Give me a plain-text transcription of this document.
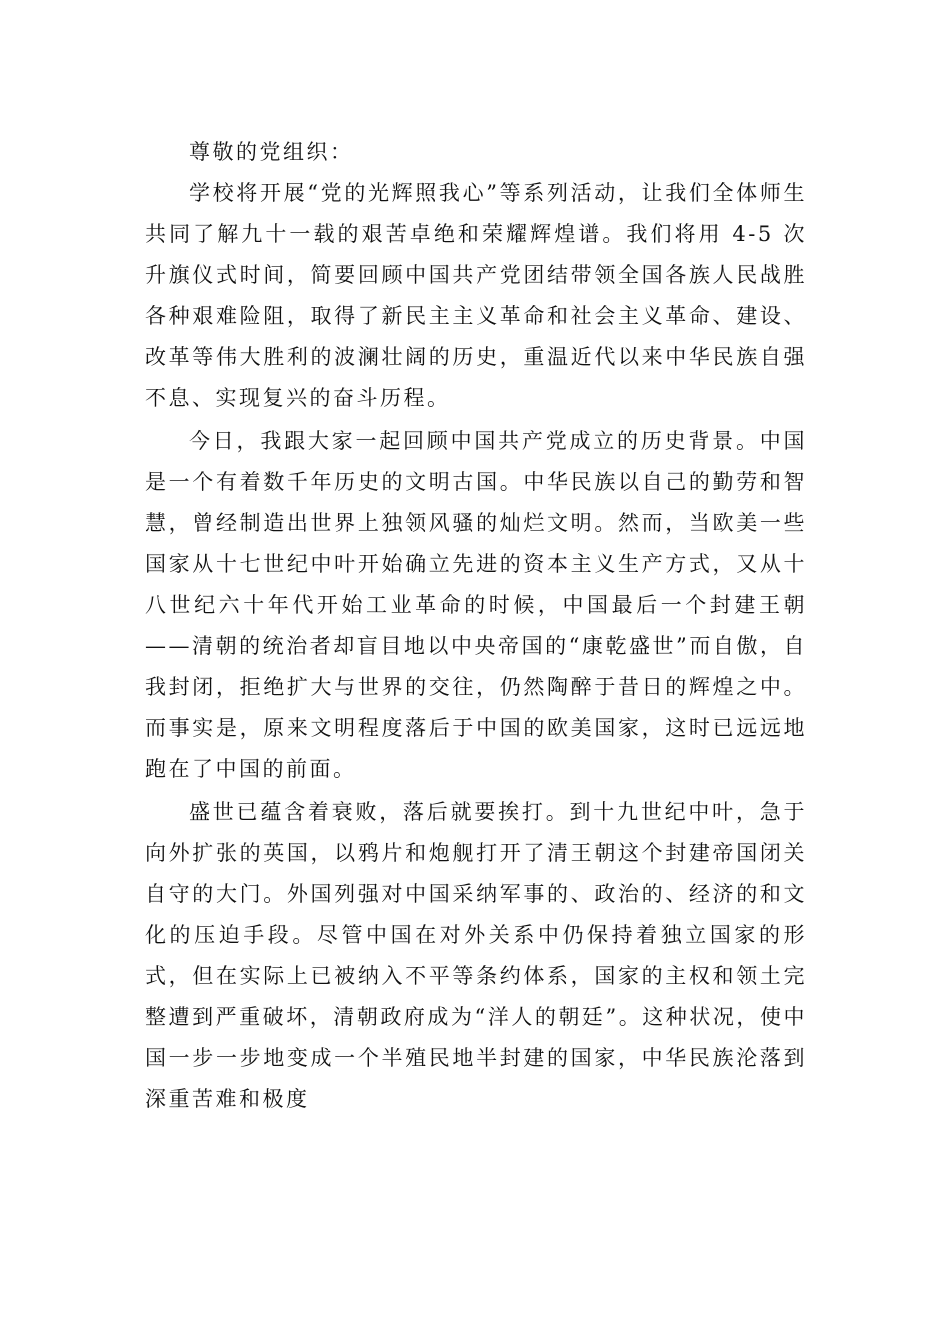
尊敬的党组织：

学校将开展“党的光辉照我心”等系列活动，让我们全体师生共同了解九十一载的艰苦卓绝和荣耀辉煌谱。我们将用 4-5 次升旗仪式时间，简要回顾中国共产党团结带领全国各族人民战胜各种艰难险阻，取得了新民主主义革命和社会主义革命、建设、改革等伟大胜利的波澜壮阔的历史，重温近代以来中华民族自强不息、实现复兴的奋斗历程。

今日，我跟大家一起回顾中国共产党成立的历史背景。中国是一个有着数千年历史的文明古国。中华民族以自己的勤劳和智慧，曾经制造出世界上独领风骚的灿烂文明。然而，当欧美一些国家从十七世纪中叶开始确立先进的资本主义生产方式，又从十八世纪六十年代开始工业革命的时候，中国最后一个封建王朝——清朝的统治者却盲目地以中央帝国的“康乾盛世”而自傲，自我封闭，拒绝扩大与世界的交往，仍然陶醉于昔日的辉煌之中。而事实是，原来文明程度落后于中国的欧美国家，这时已远远地跑在了中国的前面。

盛世已蕴含着衰败，落后就要挨打。到十九世纪中叶，急于向外扩张的英国，以鸦片和炮舰打开了清王朝这个封建帝国闭关自守的大门。外国列强对中国采纳军事的、政治的、经济的和文化的压迫手段。尽管中国在对外关系中仍保持着独立国家的形式，但在实际上已被纳入不平等条约体系，国家的主权和领土完整遭到严重破坏，清朝政府成为“洋人的朝廷”。这种状况，使中国一步一步地变成一个半殖民地半封建的国家，中华民族沦落到深重苦难和极度
